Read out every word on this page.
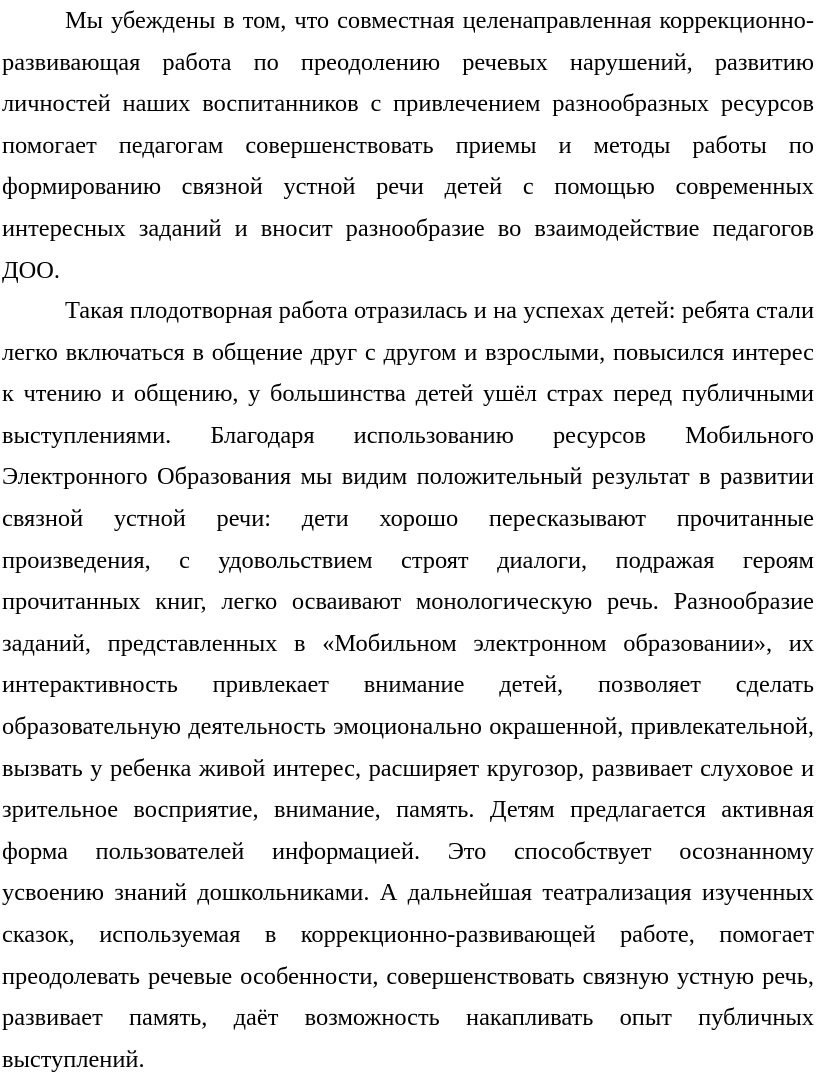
Мы убеждены в том, что совместная целенаправленная коррекционно-развивающая работа по преодолению речевых нарушений, развитию личностей наших воспитанников с привлечением разнообразных ресурсов помогает педагогам совершенствовать приемы и методы работы по формированию связной устной речи детей с помощью современных интересных заданий и вносит разнообразие во взаимодействие педагогов ДОО.

Такая плодотворная работа отразилась и на успехах детей: ребята стали легко включаться в общение друг с другом и взрослыми, повысился интерес к чтению и общению, у большинства детей ушёл страх перед публичными выступлениями. Благодаря использованию ресурсов Мобильного Электронного Образования мы видим положительный результат в развитии связной устной речи: дети хорошо пересказывают прочитанные произведения, с удовольствием строят диалоги, подражая героям прочитанных книг, легко осваивают монологическую речь. Разнообразие заданий, представленных в «Мобильном электронном образовании», их интерактивность привлекает внимание детей, позволяет сделать образовательную деятельность эмоционально окрашенной, привлекательной, вызвать у ребенка живой интерес, расширяет кругозор, развивает слуховое и зрительное восприятие, внимание, память. Детям предлагается активная форма пользователей информацией. Это способствует осознанному усвоению знаний дошкольниками. А дальнейшая театрализация изученных сказок, используемая в коррекционно-развивающей работе, помогает преодолевать речевые особенности, совершенствовать связную устную речь, развивает память, даёт возможность накапливать опыт публичных выступлений.
